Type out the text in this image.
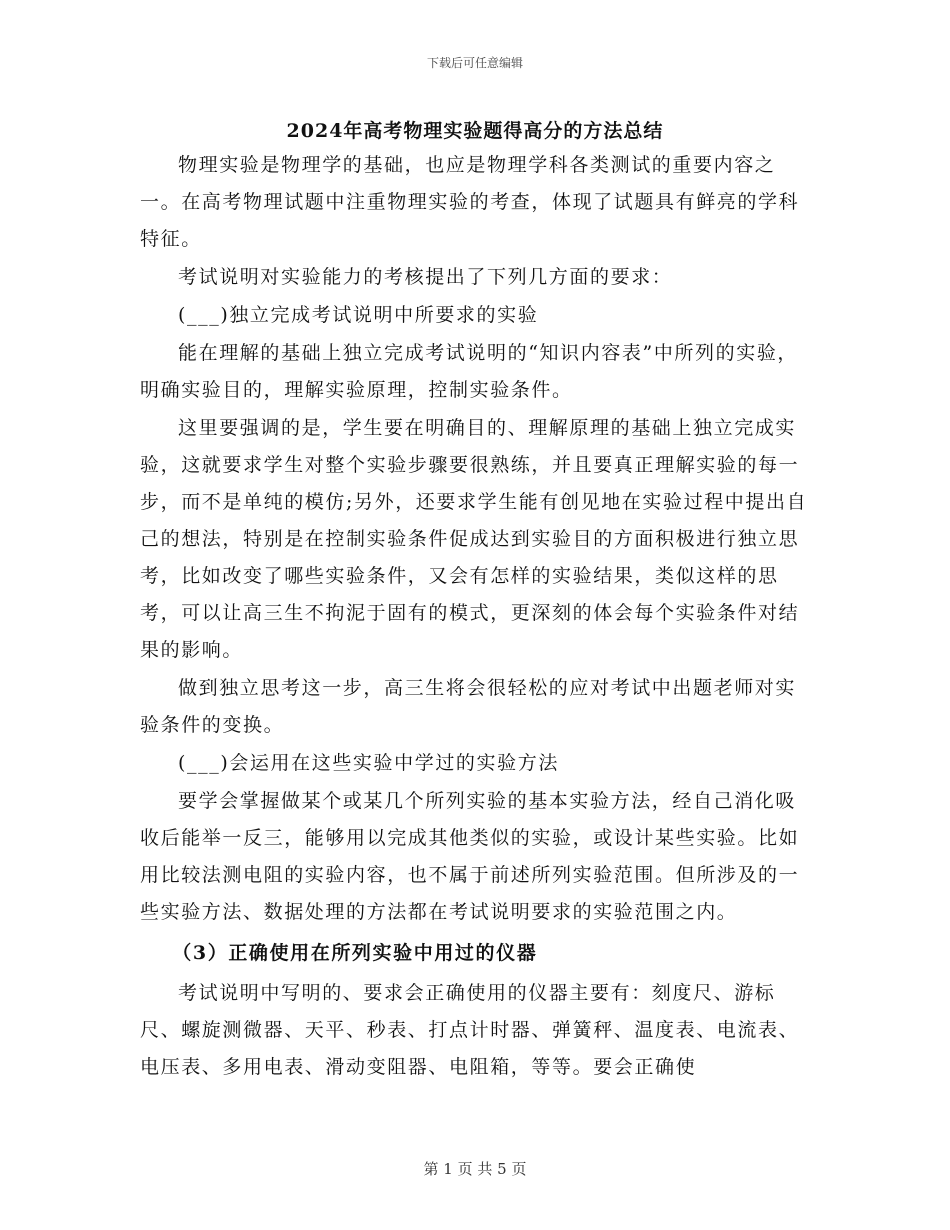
下载后可任意编辑
2024年高考物理实验题得高分的方法总结

物理实验是物理学的基础，也应是物理学科各类测试的重要内容之一。在高考物理试题中注重物理实验的考查，体现了试题具有鲜亮的学科特征。

考试说明对实验能力的考核提出了下列几方面的要求：

(___)独立完成考试说明中所要求的实验

能在理解的基础上独立完成考试说明的“知识内容表”中所列的实验，明确实验目的，理解实验原理，控制实验条件。

这里要强调的是，学生要在明确目的、理解原理的基础上独立完成实验，这就要求学生对整个实验步骤要很熟练，并且要真正理解实验的每一步，而不是单纯的模仿;另外，还要求学生能有创见地在实验过程中提出自己的想法，特别是在控制实验条件促成达到实验目的方面积极进行独立思考，比如改变了哪些实验条件，又会有怎样的实验结果，类似这样的思考，可以让高三生不拘泥于固有的模式，更深刻的体会每个实验条件对结果的影响。

做到独立思考这一步，高三生将会很轻松的应对考试中出题老师对实验条件的变换。

(___)会运用在这些实验中学过的实验方法

要学会掌握做某个或某几个所列实验的基本实验方法，经自己消化吸收后能举一反三，能够用以完成其他类似的实验，或设计某些实验。比如用比较法测电阻的实验内容，也不属于前述所列实验范围。但所涉及的一些实验方法、数据处理的方法都在考试说明要求的实验范围之内。

（3）正确使用在所列实验中用过的仪器

考试说明中写明的、要求会正确使用的仪器主要有：刻度尺、游标尺、螺旋测微器、天平、秒表、打点计时器、弹簧秤、温度表、电流表、电压表、多用电表、滑动变阻器、电阻箱，等等。要会正确使

第 1 页 共 5 页
